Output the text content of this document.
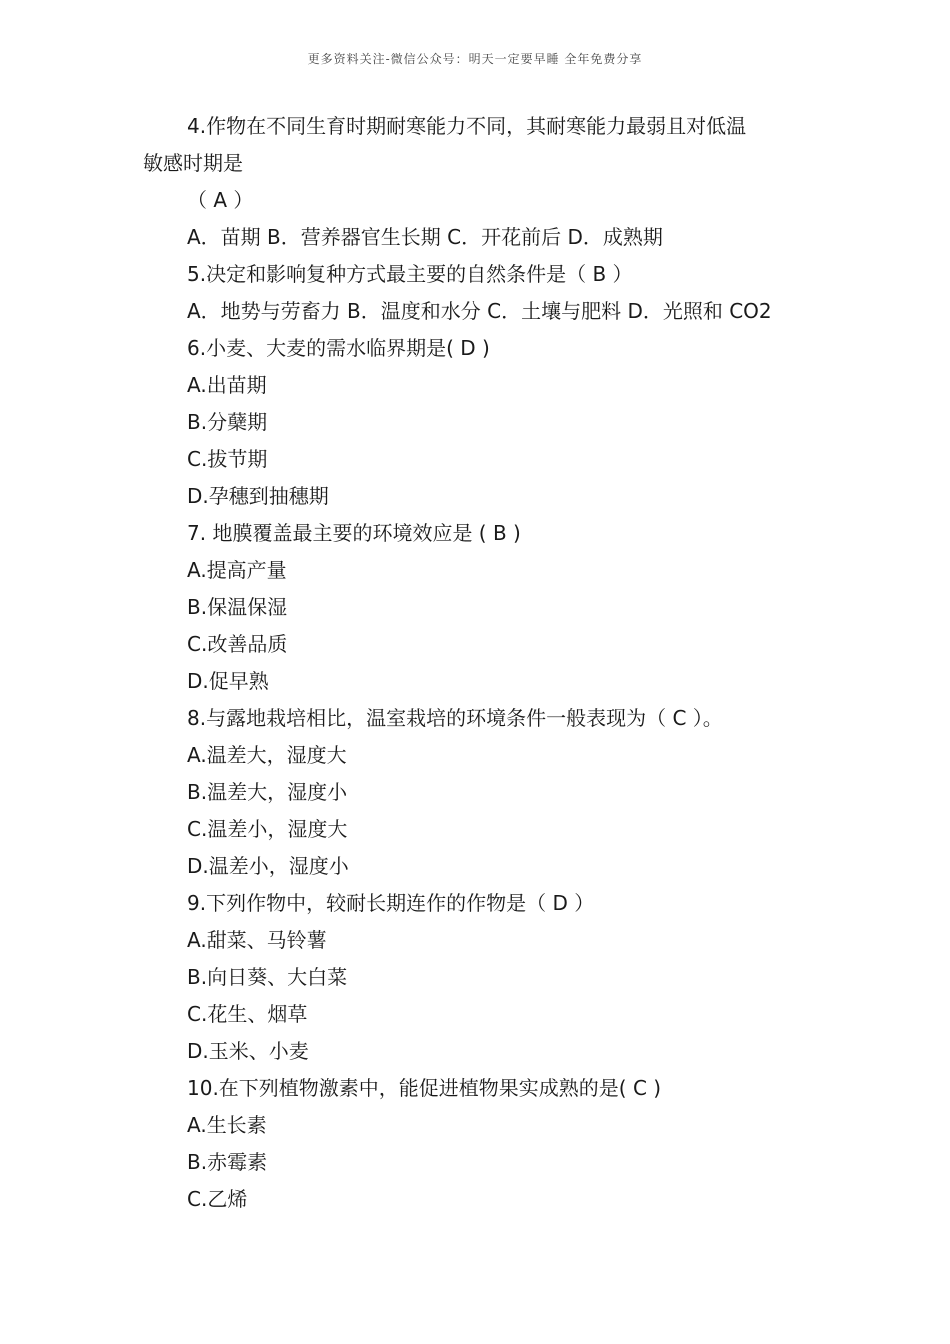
更多资料关注-微信公众号：明天一定要早睡 全年免费分享
4.作物在不同生育时期耐寒能力不同，其耐寒能力最弱且对低温
敏感时期是
（ A ）
A．苗期 B．营养器官生长期 C．开花前后 D．成熟期
5.决定和影响复种方式最主要的自然条件是（ B ）
A．地势与劳畜力 B．温度和水分 C．土壤与肥料 D．光照和 CO2
6.小麦、大麦的需水临界期是( D )
A.出苗期
B.分蘖期
C.拔节期
D.孕穗到抽穗期
7. 地膜覆盖最主要的环境效应是 ( B )
A.提高产量
B.保温保湿
C.改善品质
D.促早熟
8.与露地栽培相比，温室栽培的环境条件一般表现为（ C ）。
A.温差大，湿度大
B.温差大，湿度小
C.温差小，湿度大
D.温差小，湿度小
9.下列作物中，较耐长期连作的作物是（ D ）
A.甜菜、马铃薯
B.向日葵、大白菜
C.花生、烟草
D.玉米、小麦
10.在下列植物激素中，能促进植物果实成熟的是( C )
A.生长素
B.赤霉素
C.乙烯
